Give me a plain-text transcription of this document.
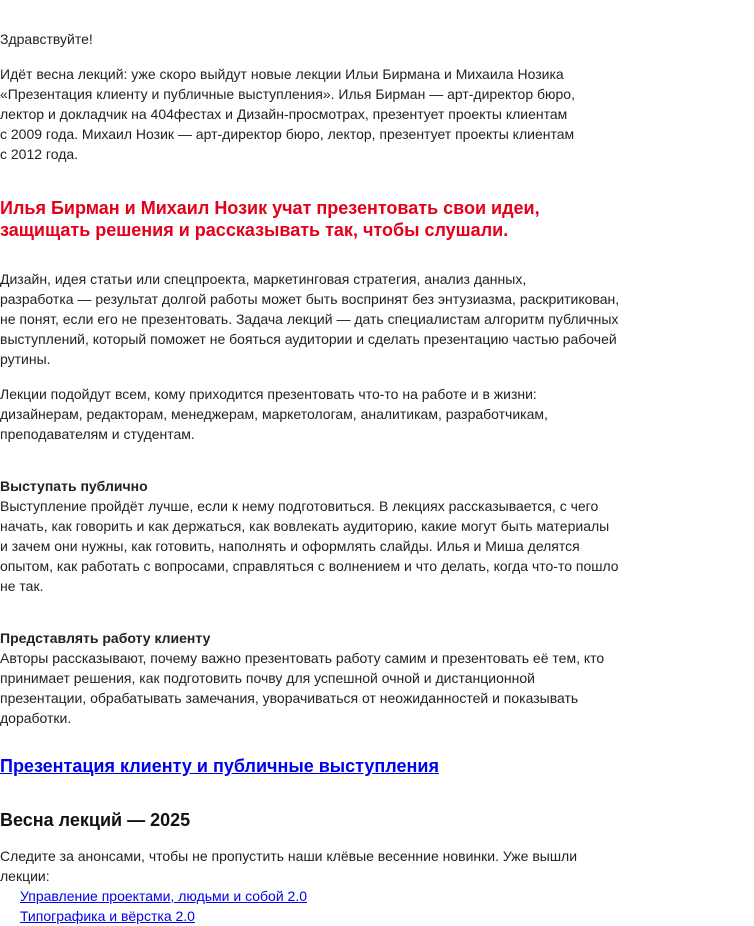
Здравствуйте!

Идёт весна лекций: уже скоро выйдут новые лекции Ильи Бирмана и Михаила Нозика
«Презентация клиенту и публичные выступления». Илья Бирман — арт-директор бюро,
лектор и докладчик на 404фестах и Дизайн-просмотрах, презентует проекты клиентам
с 2009 года. Михаил Нозик — арт-директор бюро, лектор, презентует проекты клиентам
с 2012 года.

Илья Бирман и Михаил Нозик учат презентовать свои идеи,
защищать решения и рассказывать так, чтобы слушали.

Дизайн, идея статьи или спецпроекта, маркетинговая стратегия, анализ данных,
разработка — результат долгой работы может быть воспринят без энтузиазма, раскритикован,
не понят, если его не презентовать. Задача лекций — дать специалистам алгоритм публичных
выступлений, который поможет не бояться аудитории и сделать презентацию частью рабочей
рутины.

Лекции подойдут всем, кому приходится презентовать что-то на работе и в жизни:
дизайнерам, редакторам, менеджерам, маркетологам, аналитикам, разработчикам,
преподавателям и студентам.

Выступать публично

Выступление пройдёт лучше, если к нему подготовиться. В лекциях рассказывается, с чего
начать, как говорить и как держаться, как вовлекать аудиторию, какие могут быть материалы
и зачем они нужны, как готовить, наполнять и оформлять слайды. Илья и Миша делятся
опытом, как работать с вопросами, справляться с волнением и что делать, когда что-то пошло
не так.

Представлять работу клиенту

Авторы рассказывают, почему важно презентовать работу самим и презентовать её тем, кто
принимает решения, как подготовить почву для успешной очной и дистанционной
презентации, обрабатывать замечания, уворачиваться от неожиданностей и показывать
доработки.

Презентация клиенту и публичные выступления
Весна лекций — 2025

Следите за анонсами, чтобы не пропустить наши клёвые весенние новинки. Уже вышли
лекции:

Управление проектами, людьми и собой 2.0
Типографика и вёрстка 2.0
